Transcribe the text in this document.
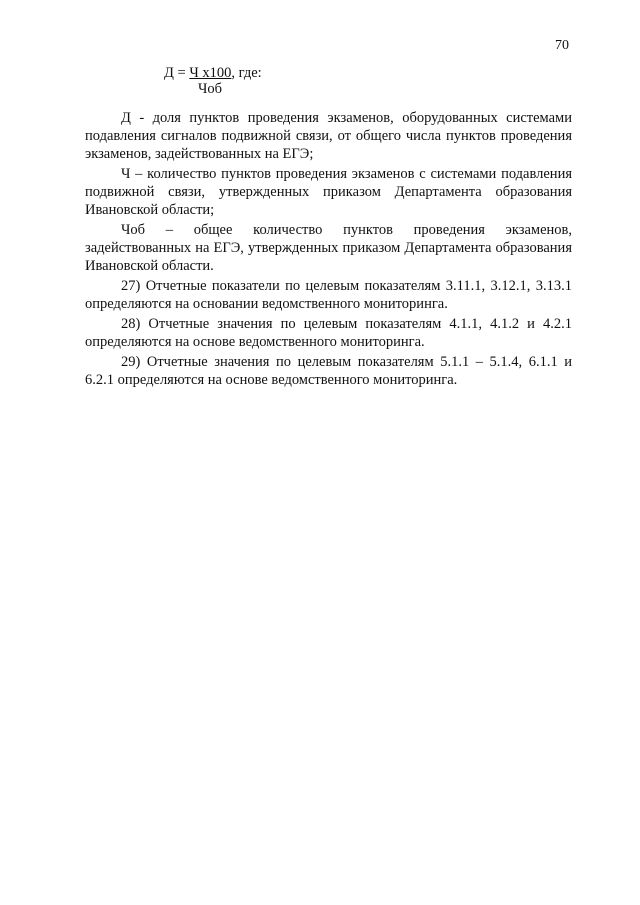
70
Д = Ч х100, где:
Чоб

Д - доля пунктов проведения экзаменов, оборудованных системами подавления сигналов подвижной связи, от общего числа пунктов проведения экзаменов, задействованных на ЕГЭ;

Ч – количество пунктов проведения экзаменов с системами подавления подвижной связи, утвержденных приказом Департамента образования Ивановской области;

Чоб – общее количество пунктов проведения экзаменов, задействованных на ЕГЭ, утвержденных приказом Департамента образования Ивановской области.

27) Отчетные показатели по целевым показателям 3.11.1, 3.12.1, 3.13.1 определяются на основании ведомственного мониторинга.

28) Отчетные значения по целевым показателям 4.1.1, 4.1.2 и 4.2.1 определяются на основе ведомственного мониторинга.

29) Отчетные значения по целевым показателям 5.1.1 – 5.1.4, 6.1.1 и 6.2.1 определяются на основе ведомственного мониторинга.
